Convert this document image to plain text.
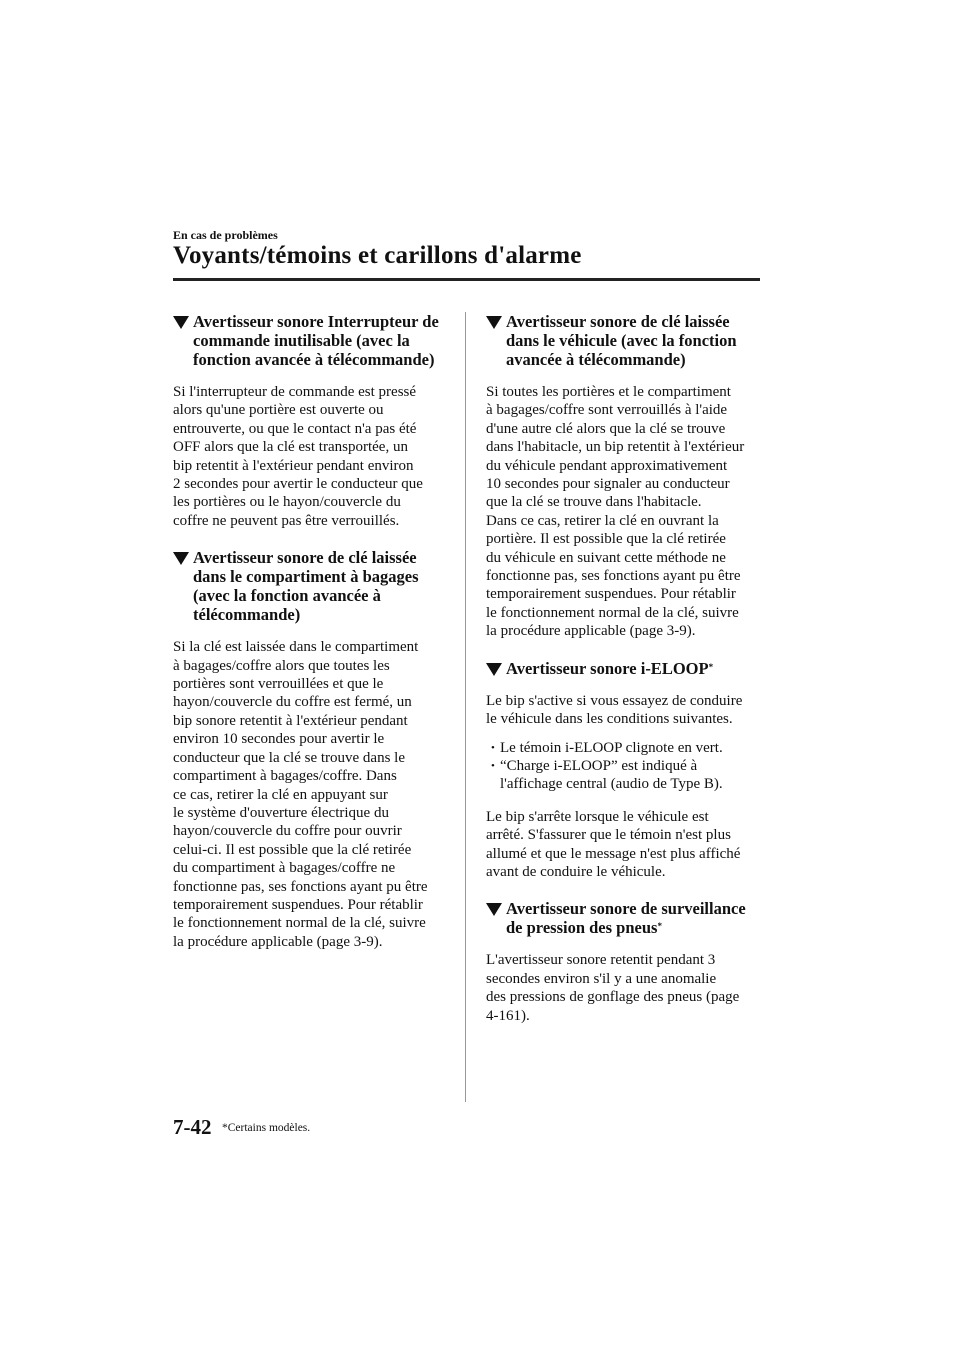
En cas de problèmes
Voyants/témoins et carillons d'alarme
Avertisseur sonore Interrupteur de commande inutilisable (avec la fonction avancée à télécommande)

Si l'interrupteur de commande est pressé
alors qu'une portière est ouverte ou
entrouverte, ou que le contact n'a pas été
OFF alors que la clé est transportée, un
bip retentit à l'extérieur pendant environ
2 secondes pour avertir le conducteur que
les portières ou le hayon/couvercle du
coffre ne peuvent pas être verrouillés.

Avertisseur sonore de clé laissée dans le compartiment à bagages (avec la fonction avancée à télécommande)

Si la clé est laissée dans le compartiment
à bagages/coffre alors que toutes les
portières sont verrouillées et que le
hayon/couvercle du coffre est fermé, un
bip sonore retentit à l'extérieur pendant
environ 10 secondes pour avertir le
conducteur que la clé se trouve dans le
compartiment à bagages/coffre. Dans
ce cas, retirer la clé en appuyant sur
le système d'ouverture électrique du
hayon/couvercle du coffre pour ouvrir
celui-ci. Il est possible que la clé retirée
du compartiment à bagages/coffre ne
fonctionne pas, ses fonctions ayant pu être
temporairement suspendues. Pour rétablir
le fonctionnement normal de la clé, suivre
la procédure applicable (page 3-9).

Avertisseur sonore de clé laissée dans le véhicule (avec la fonction avancée à télécommande)

Si toutes les portières et le compartiment
à bagages/coffre sont verrouillés à l'aide
d'une autre clé alors que la clé se trouve
dans l'habitacle, un bip retentit à l'extérieur
du véhicule pendant approximativement
10 secondes pour signaler au conducteur
que la clé se trouve dans l'habitacle.
Dans ce cas, retirer la clé en ouvrant la
portière. Il est possible que la clé retirée
du véhicule en suivant cette méthode ne
fonctionne pas, ses fonctions ayant pu être
temporairement suspendues. Pour rétablir
le fonctionnement normal de la clé, suivre
la procédure applicable (page 3-9).

Avertisseur sonore i-ELOOP*

Le bip s'active si vous essayez de conduire
le véhicule dans les conditions suivantes.

• Le témoin i-ELOOP clignote en vert.
• “Charge i-ELOOP” est indiqué à
l'affichage central (audio de Type B).

Le bip s'arrête lorsque le véhicule est
arrêté. S'fassurer que le témoin n'est plus
allumé et que le message n'est plus affiché
avant de conduire le véhicule.

Avertisseur sonore de surveillance de pression des pneus*

L'avertisseur sonore retentit pendant 3
secondes environ s'il y a une anomalie
des pressions de gonflage des pneus (page
4-161).

7-42 *Certains modèles.
